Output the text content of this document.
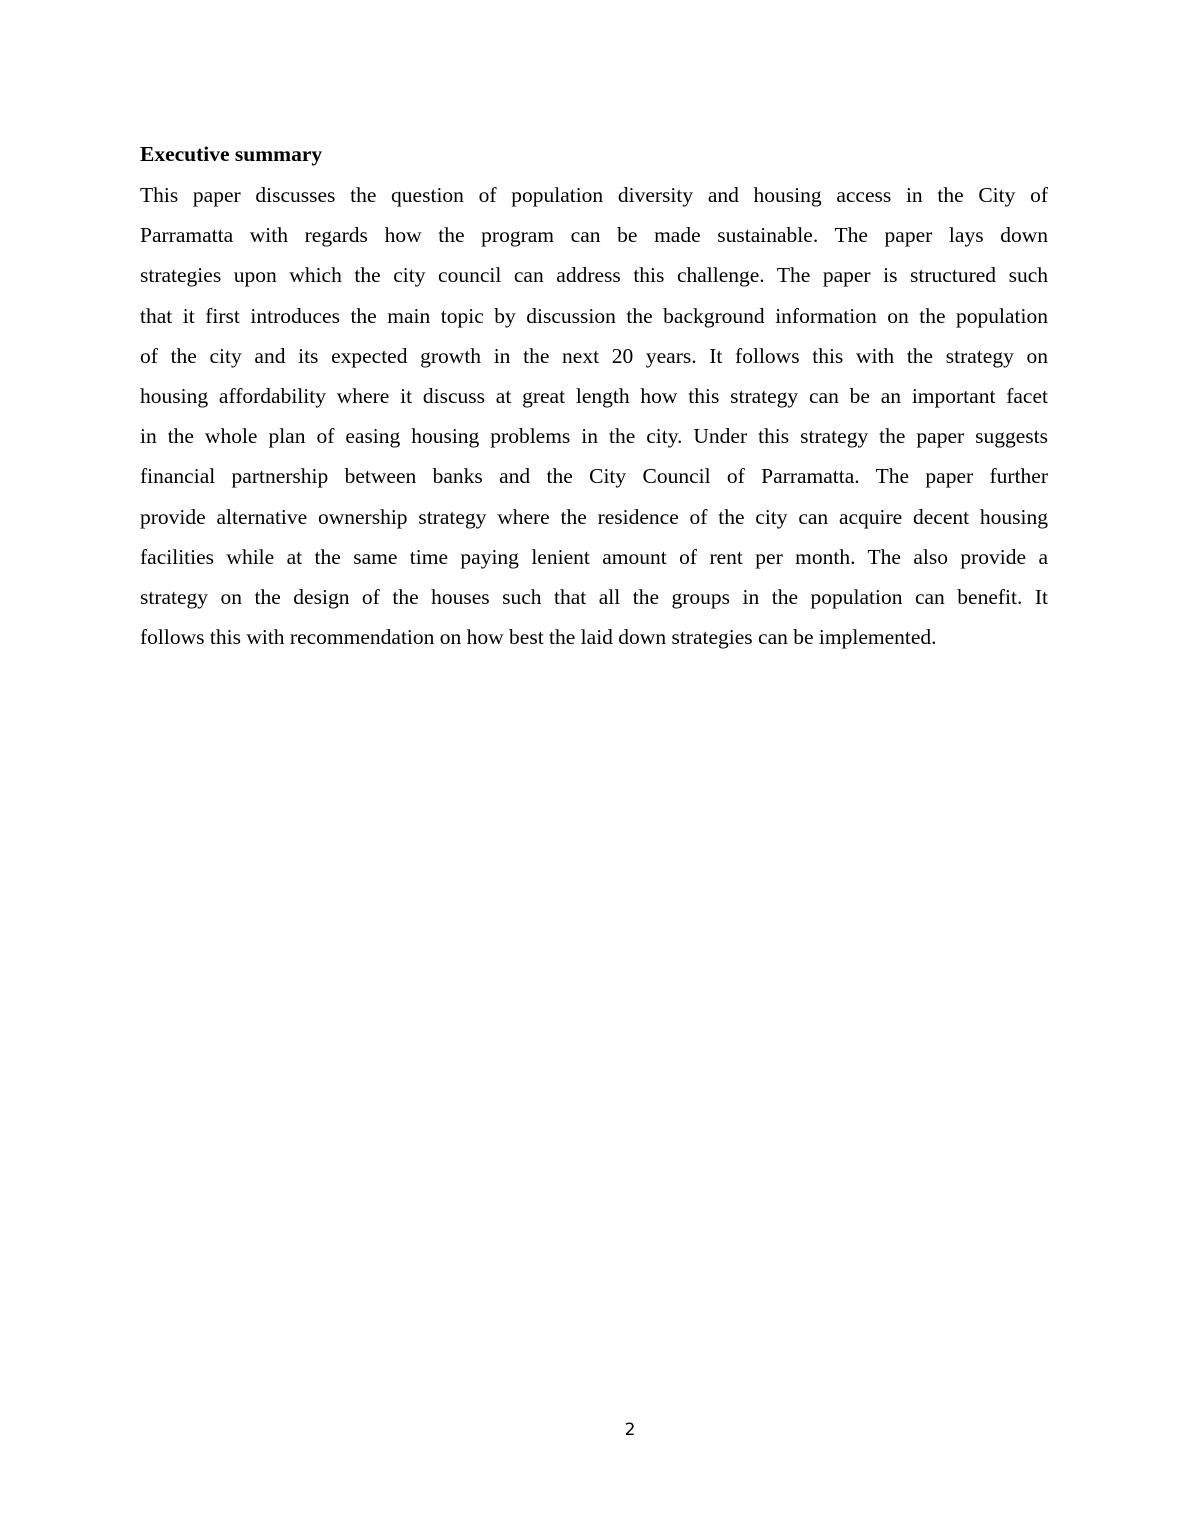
Executive summary
This paper discusses the question of population diversity and housing access in the City of
Parramatta with regards how the program can be made sustainable. The paper lays down
strategies upon which the city council can address this challenge. The paper is structured such
that it first introduces the main topic by discussion the background information on the population
of the city and its expected growth in the next 20 years. It follows this with the strategy on
housing affordability where it discuss at great length how this strategy can be an important facet
in the whole plan of easing housing problems in the city. Under this strategy the paper suggests
financial partnership between banks and the City Council of Parramatta. The paper further
provide alternative ownership strategy where the residence of the city can acquire decent housing
facilities while at the same time paying lenient amount of rent per month. The also provide a
strategy on the design of the houses such that all the groups in the population can benefit. It
follows this with recommendation on how best the laid down strategies can be implemented.
2
